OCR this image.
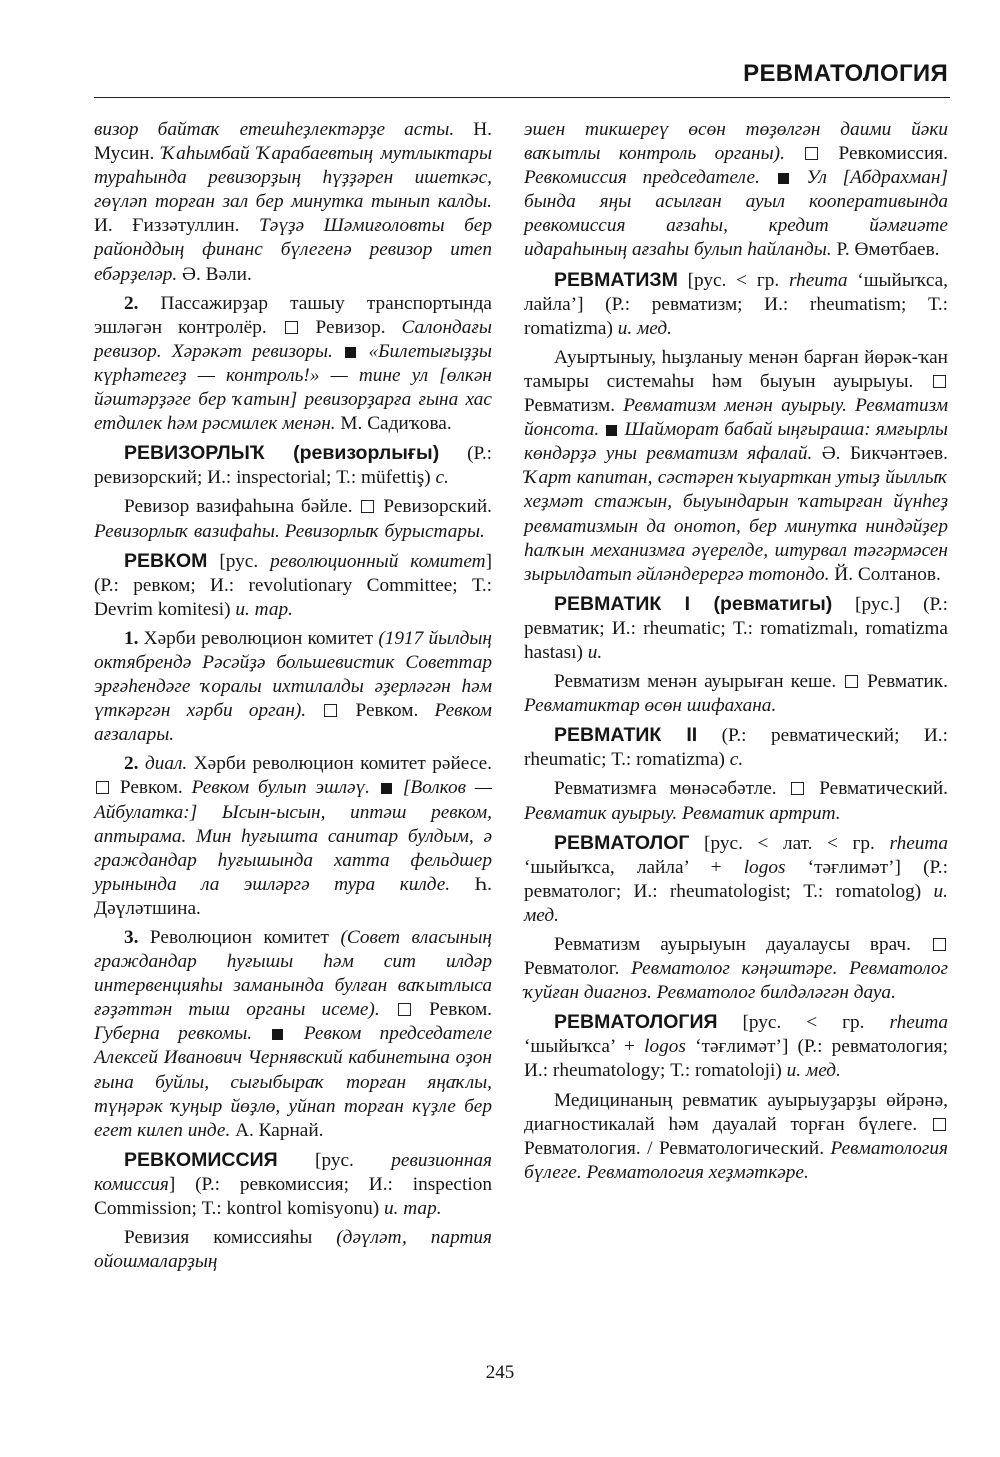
РЕВМАТОЛОГИЯ

визор байтаҡ етешһеҙлектәрҙе асты. Н. Мусин. Ҡаһымбай Ҡарабаевтың мутлыктары тураһында ревизорҙың һүҙҙәрен ишеткәс, гөүләп торған зал бер минутка тынып калды. И. Ғиззәтуллин. Тәүҙә Шәмиғоловты бер районддың финанс бүлегенә ревизор итеп ебәрҙеләр. Ә. Вәли.

2. Пассажирҙар ташыу транспортында эшләгән контролёр.  Ревизор. Салондағы ревизор. Хәрәкәт ревизоры. «Билетығыҙҙы күрһәтегеҙ — контроль!» — тине ул [өлкән йәштәрҙәге бер ҡатын] ревизорҙарға ғына хас етдилек һәм рәсмилек менән. М. Садиҡова.

РЕВИЗОРЛЫҠ (ревизорлығы) (Р.: ревизорский; И.: inspectorial; Т.: müfettiş) с.

Ревизор вазифаһына бәйле.  Ревизорский. Ревизорлыҡ вазифаһы. Ревизорлыҡ бурыстары.

РЕВКОМ [рус. революционный комитет] (Р.: ревком; И.: revolutionary Committee; Т.: Devrim komitesi) и. тар.

1. Хәрби революцион комитет (1917 йылдың октябрендә Рәсәйҙә большевистик Советтар эрғәһендәге ҡоралы ихтилалды әҙерләгән һәм үткәргән хәрби орган).  Ревком. Ревком ағзалары.

2. диал. Хәрби революцион комитет рәйесе.  Ревком. Ревком булып эшләү. [Волков — Айбулатка:] Ысын-ысын, иптәш ревком, аптырама. Мин һуғышта санитар булдым, ә граждандар һуғышында хатта фельдшер урынында ла эшләргә тура килде. Һ. Дәүләтшина.

3. Революцион комитет (Совет власының граждандар һуғышы һәм сит илдәр интервенцияһы заманында булған ваҡытлыса ғәҙәттән тыш органы исеме).  Ревком. Губерна ревкомы.	Ревком председателе Алексей Иванович Чернявский кабинетына оҙон ғына буйлы, сығыбыраҡ торған яңаҡлы, түңәрәк ҡуңыр йөҙлө, уйнап торған күҙле бер егет килеп инде. А. Карнай.

РЕВКОМИССИЯ [рус. ревизионная комиссия] (Р.: ревкомиссия; И.: inspection Commission; Т.: kontrol komisyonu) и. тар.

Ревизия комиссияһы (дәүләт, партия ойошмаларҙың

эшен тикшереү өсөн төҙөлгән даими йәки ваҡытлы контроль органы).  Ревкомиссия. Ревкомиссия председателе. Ул [Абдрахман] бында яңы асылған ауыл кооперативында ревкомиссия ағзаһы, кредит йәмғиәте идараһының ағзаһы булып һайланды. Р. Өмөтбаев.

РЕВМАТИЗМ [рус. < гр. rheuma ‘шыйыҡса, лайла’] (Р.: ревматизм; И.: rheumatism; Т.: romatizma) и. мед.

Ауыртыныу, һыҙланыу менән барған йөрәк-ҡан тамыры системаһы һәм быуын ауырыуы.  Ревматизм. Ревматизм менән ауырыу. Ревматизм йонсота. Шайморат бабай ыңғыраша: ямғырлы көндәрҙә уны ревматизм яфалай. Ә. Бикчәнтәев. Ҡарт капитан, сәстәрен ҡыуарткан утыҙ йыллыҡ хеҙмәт стажын, быуындарын ҡатырған йүнһеҙ ревматизмын да онотоп, бер минутка ниндәйҙер һалҡын механизмға әүерелде, штурвал тәгәрмәсен зырылдатып әйләндерергә тотондо. Й. Солтанов.

РЕВМАТИК I (ревматигы) [рус.] (Р.: ревматик; И.: rheumatic; Т.: romatizmalı, romatizma hastası) и.

Ревматизм менән ауырыған кеше.  Ревматик. Ревматиктар өсөн шифахана.

РЕВМАТИК II (Р.: ревматический; И.: rheumatic; Т.: romatizma) с.

Ревматизмға мөнәсәбәтле.  Ревматический. Ревматик ауырыу. Ревматик артрит.

РЕВМАТОЛОГ [рус. < лат. < гр. rheuma ‘шыйыҡса, лайла’ + logos ‘тәғлимәт’] (Р.: ревматолог; И.: rheumatologist; Т.: romatolog) и. мед.

Ревматизм ауырыуын дауалаусы врач.  Ревматолог. Ревматолог кәңәштәре. Ревматолог ҡуйған диагноз. Ревматолог билдәләгән дауа.

РЕВМАТОЛОГИЯ [рус. < гр. rheuma ‘шыйыҡса’ + logos ‘тәғлимәт’] (Р.: ревматология; И.: rheumatology; Т.: romatoloji) и. мед.

Медицинаның ревматик ауырыуҙарҙы өйрәнә, диагностикалай һәм дауалай торған бүлеге.  Ревматология. / Ревматологический. Ревматология бүлеге. Ревматология хеҙмәткәре.

245
